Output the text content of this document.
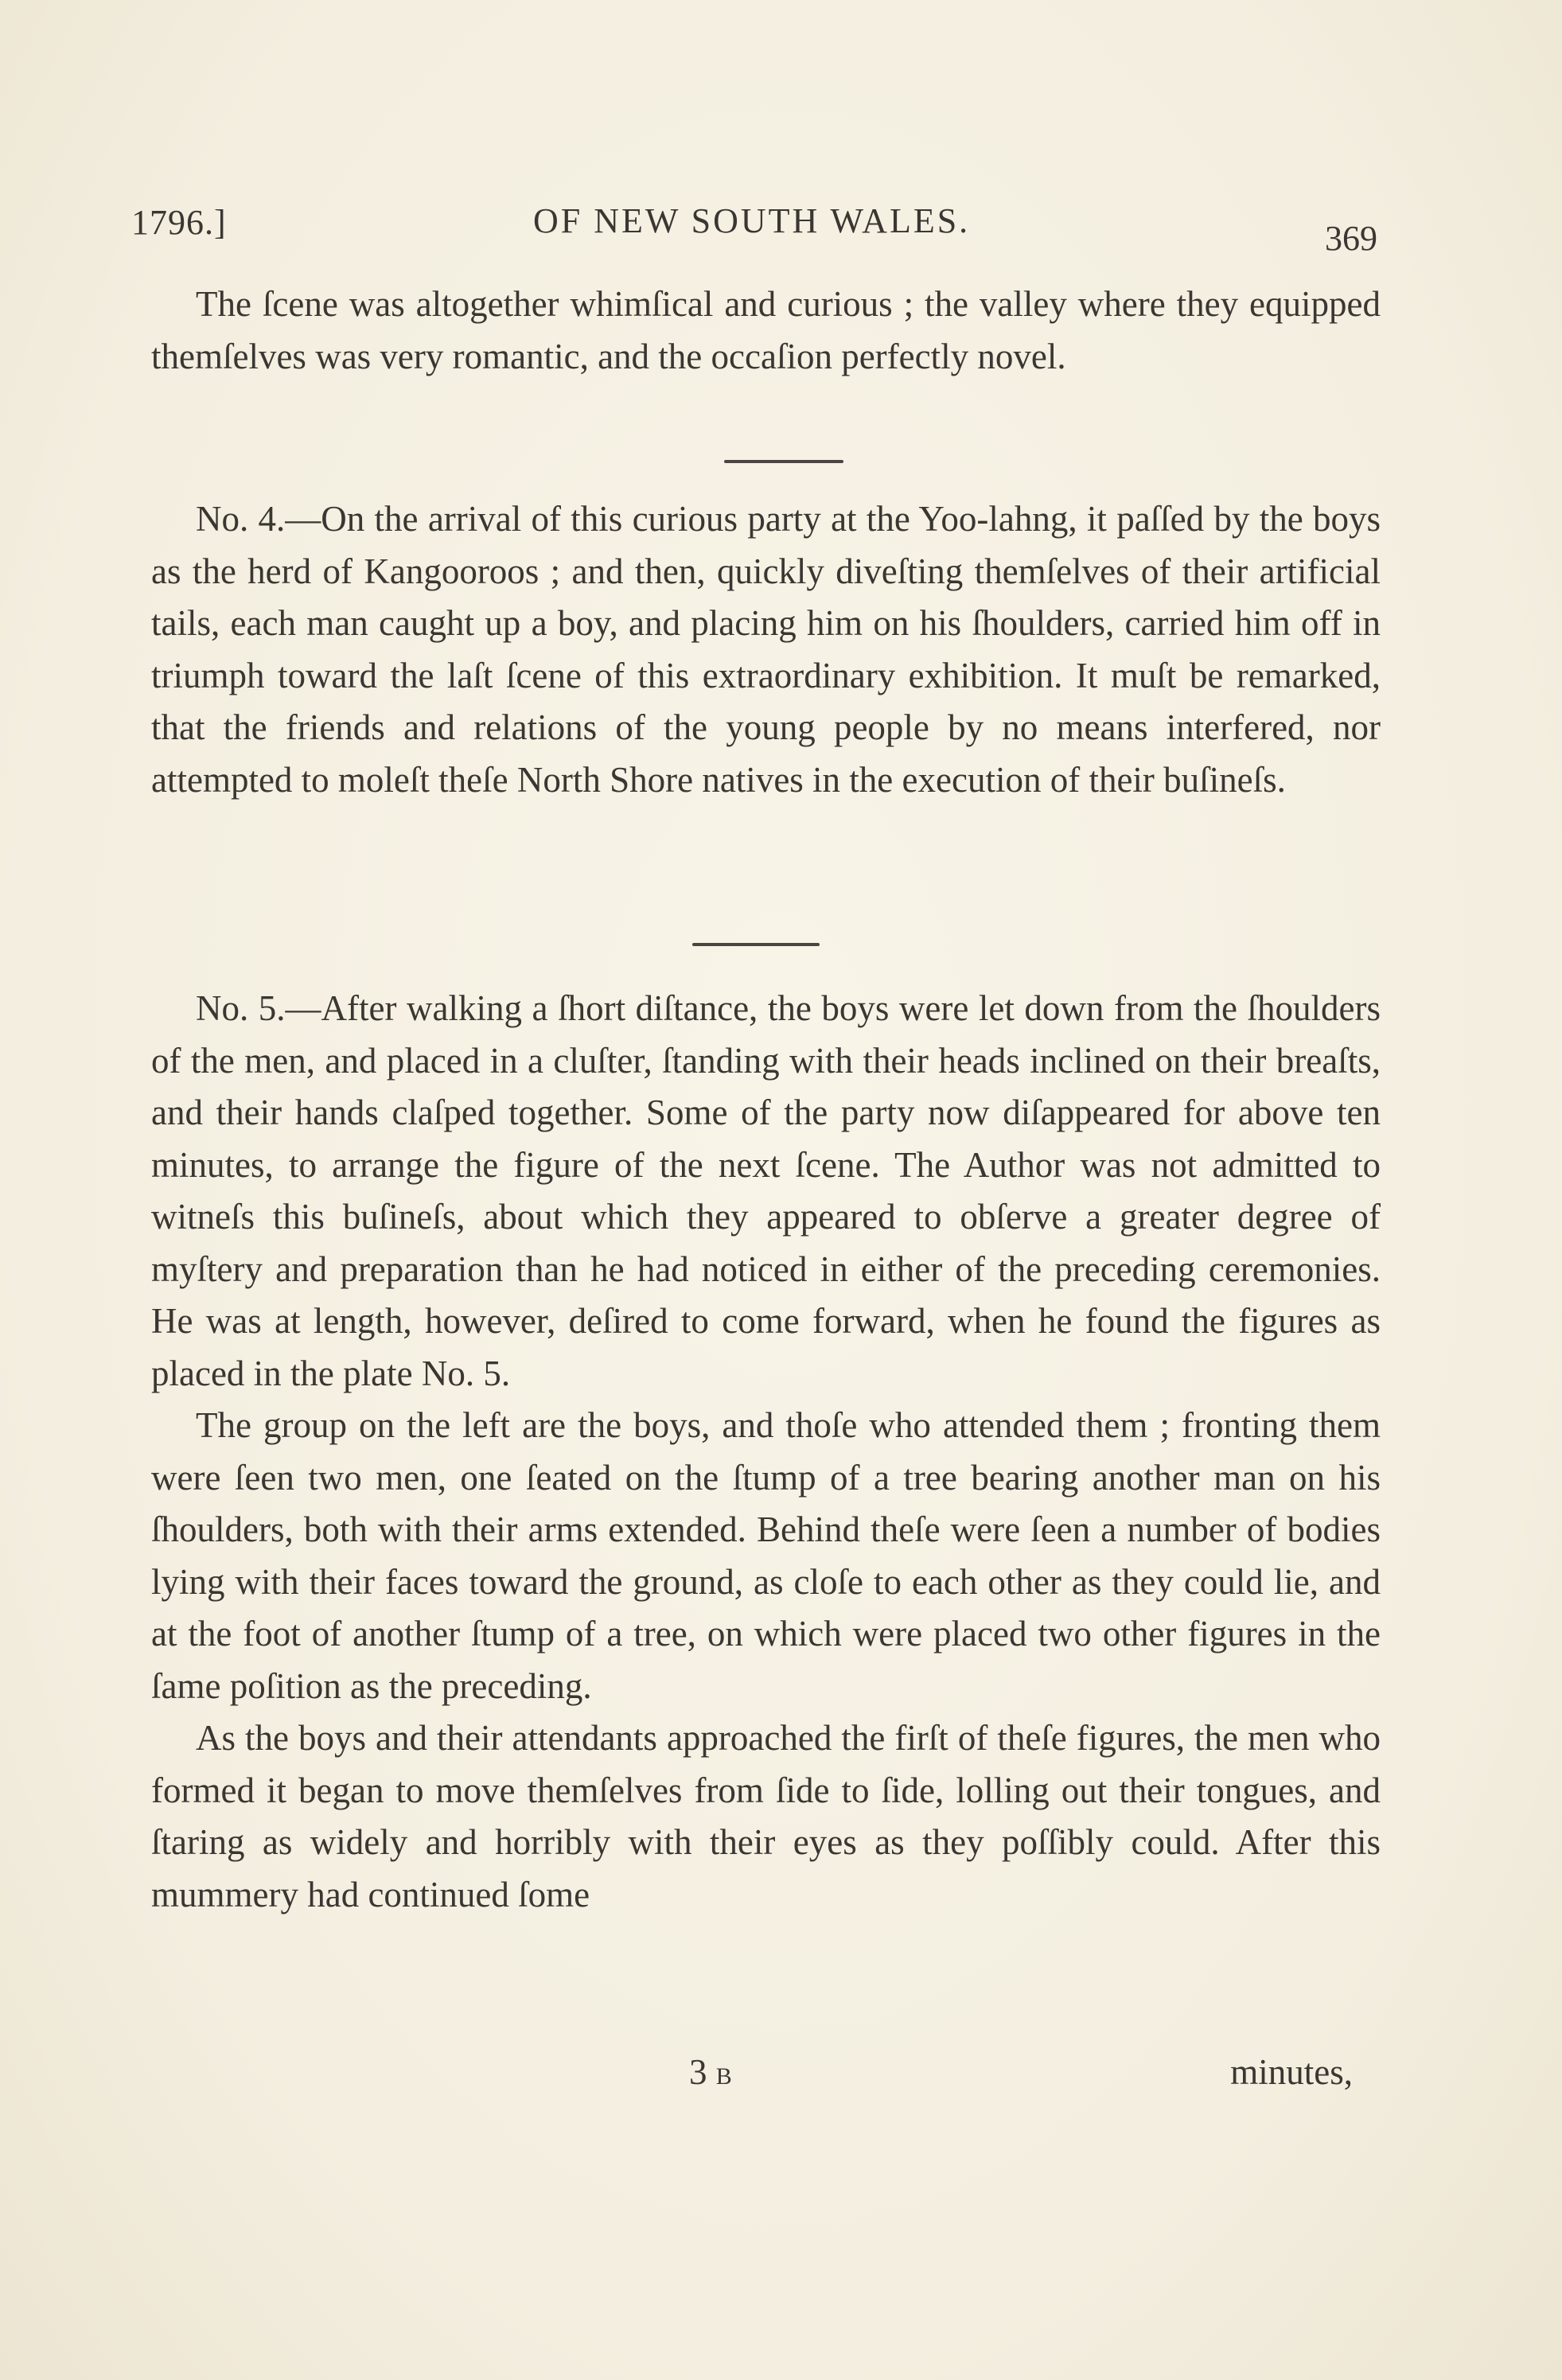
1796.]	OF NEW SOUTH WALES.	369

The ſcene was altogether whimſical and curious ; the valley where they equipped themſelves was very romantic, and the occaſion perfectly novel.

No. 4.—On the arrival of this curious party at the Yoo-lahng, it paſſed by the boys as the herd of Kangooroos ; and then, quickly diveſting themſelves of their artificial tails, each man caught up a boy, and placing him on his ſhoulders, carried him off in triumph toward the laſt ſcene of this extraordinary exhibition. It muſt be remarked, that the friends and relations of the young people by no means interfered, nor attempted to moleſt theſe North Shore natives in the execution of their buſineſs.

No. 5.—After walking a ſhort diſtance, the boys were let down from the ſhoulders of the men, and placed in a cluſter, ſtanding with their heads inclined on their breaſts, and their hands claſped together. Some of the party now diſappeared for above ten minutes, to arrange the figure of the next ſcene. The Author was not admitted to witneſs this buſineſs, about which they appeared to obſerve a greater degree of myſtery and preparation than he had noticed in either of the preceding ceremonies. He was at length, however, deſired to come forward, when he found the figures as placed in the plate No. 5.

The group on the left are the boys, and thoſe who attended them ; fronting them were ſeen two men, one ſeated on the ſtump of a tree bearing another man on his ſhoulders, both with their arms extended. Behind theſe were ſeen a number of bodies lying with their faces toward the ground, as cloſe to each other as they could lie, and at the foot of another ſtump of a tree, on which were placed two other figures in the ſame poſition as the preceding.

As the boys and their attendants approached the firſt of theſe figures, the men who formed it began to move themſelves from ſide to ſide, lolling out their tongues, and ſtaring as widely and horribly with their eyes as they poſſibly could. After this mummery had continued ſome

3 B	minutes,
